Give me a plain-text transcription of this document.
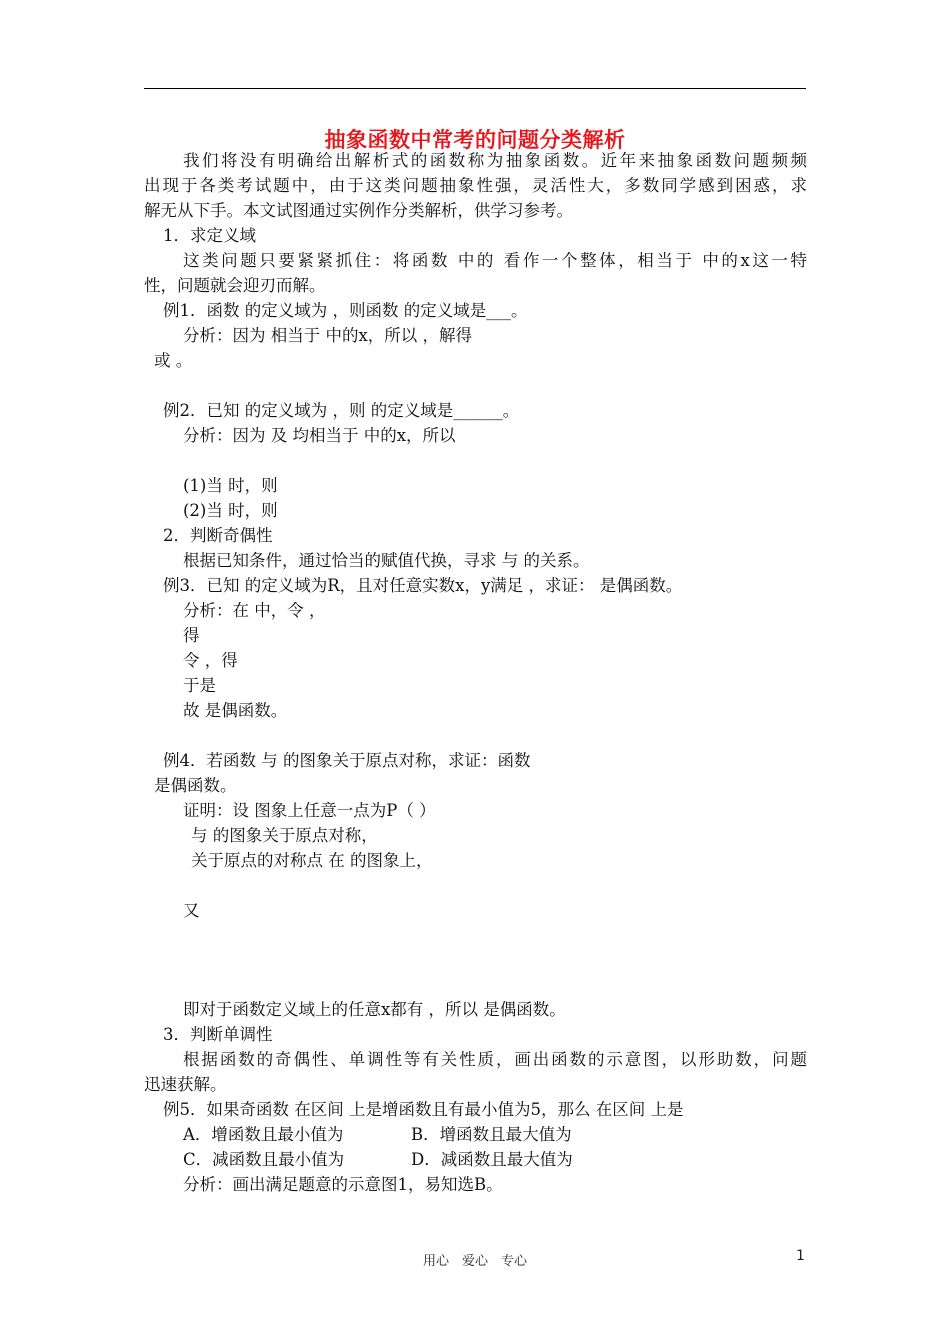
抽象函数中常考的问题分类解析
我们将没有明确给出解析式的函数称为抽象函数。近年来抽象函数问题频频
出现于各类考试题中，由于这类问题抽象性强，灵活性大，多数同学感到困惑，求
解无从下手。本文试图通过实例作分类解析，供学习参考。
1．求定义域
这类问题只要紧紧抓住：将函数 中的 看作一个整体，相当于 中的x这一特
性，问题就会迎刃而解。
例1．函数 的定义域为 ，则函数 的定义域是___。
分析：因为 相当于 中的x，所以 ，解得
或 。
例2．已知 的定义域为 ，则 的定义域是______。
分析：因为 及 均相当于 中的x，所以
(1)当 时，则
(2)当 时，则
2．判断奇偶性
根据已知条件，通过恰当的赋值代换，寻求 与 的关系。
例3．已知 的定义域为R，且对任意实数x，y满足 ，求证： 是偶函数。
分析：在 中，令 ，
得
令 ，得
于是
故 是偶函数。
例4．若函数 与 的图象关于原点对称，求证：函数
是偶函数。
证明：设 图象上任意一点为P（ ）
与 的图象关于原点对称，
关于原点的对称点 在 的图象上，
又
即对于函数定义域上的任意x都有 ，所以 是偶函数。
3．判断单调性
根据函数的奇偶性、单调性等有关性质，画出函数的示意图，以形助数，问题
迅速获解。
例5．如果奇函数 在区间 上是增函数且有最小值为5，那么 在区间 上是
A．增函数且最小值为	B．增函数且最大值为
C．减函数且最小值为	D．减函数且最大值为
分析：画出满足题意的示意图1，易知选B。
用心　爱心　专心	1
